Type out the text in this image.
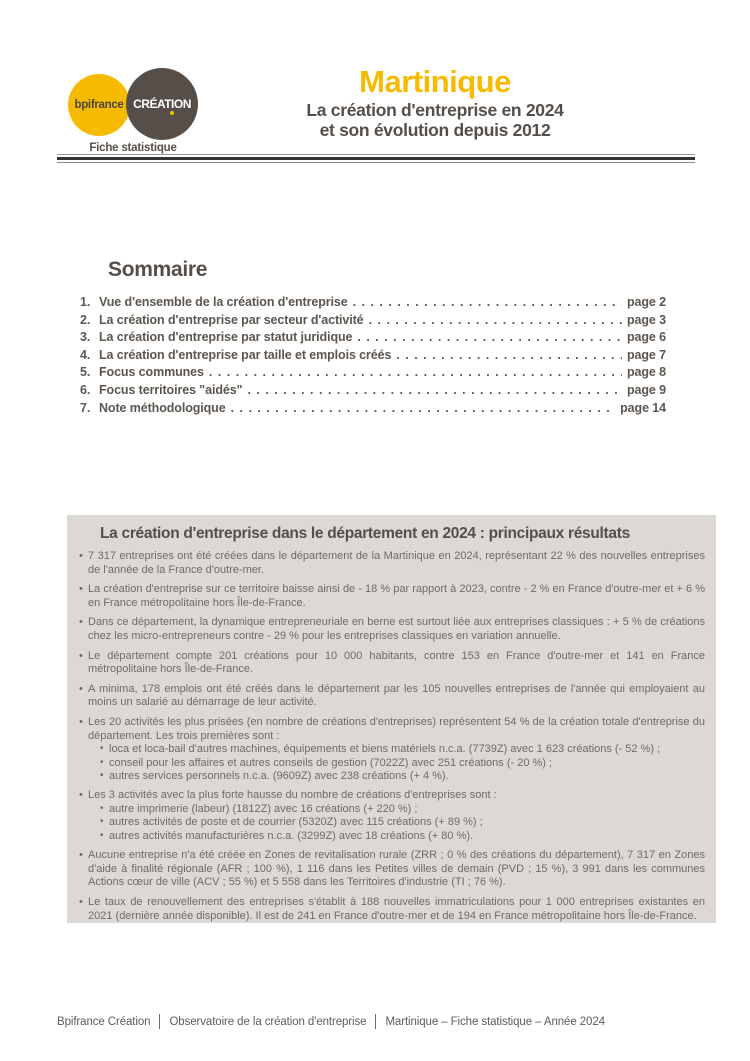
bpifrance CRÉATION
Fiche statistique
Martinique
La création d'entreprise en 2024
et son évolution depuis 2012
Sommaire
1. Vue d'ensemble de la création d'entreprise . . .	page 2
2. La création d'entreprise par secteur d'activité . . .	page 3
3. La création d'entreprise par statut juridique . . .	page 6
4. La création d'entreprise par taille et emplois créés . . .	page 7
5. Focus communes . . .	page 8
6. Focus territoires "aidés" . . .	page 9
7. Note méthodologique . . .	page 14
La création d'entreprise dans le département en 2024 : principaux résultats
• 7 317 entreprises ont été créées dans le département de la Martinique en 2024, représentant 22 % des nouvelles entreprises de l'année de la France d'outre-mer.
• La création d'entreprise sur ce territoire baisse ainsi de - 18 % par rapport à 2023, contre - 2 % en France d'outre-mer et + 6 % en France métropolitaine hors Île-de-France.
• Dans ce département, la dynamique entrepreneuriale en berne est surtout liée aux entreprises classiques : + 5 % de créations chez les micro-entrepreneurs contre - 29 % pour les entreprises classiques en variation annuelle.
• Le département compte 201 créations pour 10 000 habitants, contre 153 en France d'outre-mer et 141 en France métropolitaine hors Île-de-France.
• A minima, 178 emplois ont été créés dans le département par les 105 nouvelles entreprises de l'année qui employaient au moins un salarié au démarrage de leur activité.
• Les 20 activités les plus prisées (en nombre de créations d'entreprises) représentent 54 % de la création totale d'entreprise du département. Les trois premières sont :
• loca et loca-bail d'autres machines, équipements et biens matériels n.c.a. (7739Z) avec 1 623 créations (- 52 %) ;
• conseil pour les affaires et autres conseils de gestion (7022Z) avec 251 créations (- 20 %) ;
• autres services personnels n.c.a. (9609Z) avec 238 créations (+ 4 %).
• Les 3 activités avec la plus forte hausse du nombre de créations d'entreprises sont :
• autre imprimerie (labeur) (1812Z) avec 16 créations (+ 220 %) ;
• autres activités de poste et de courrier (5320Z) avec 115 créations (+ 89 %) ;
• autres activités manufacturières n.c.a. (3299Z) avec 18 créations (+ 80 %).
• Aucune entreprise n'a été créée en Zones de revitalisation rurale (ZRR ; 0 % des créations du département), 7 317 en Zones d'aide à finalité régionale (AFR ; 100 %), 1 116 dans les Petites villes de demain (PVD ; 15 %), 3 991 dans les communes Actions cœur de ville (ACV ; 55 %) et 5 558 dans les Territoires d'industrie (TI ; 76 %).
• Le taux de renouvellement des entreprises s'établit à 188 nouvelles immatriculations pour 1 000 entreprises existantes en 2021 (dernière année disponible). Il est de 241 en France d'outre-mer et de 194 en France métropolitaine hors Île-de-France.
Bpifrance Création Observatoire de la création d'entreprise Martinique – Fiche statistique – Année 2024
